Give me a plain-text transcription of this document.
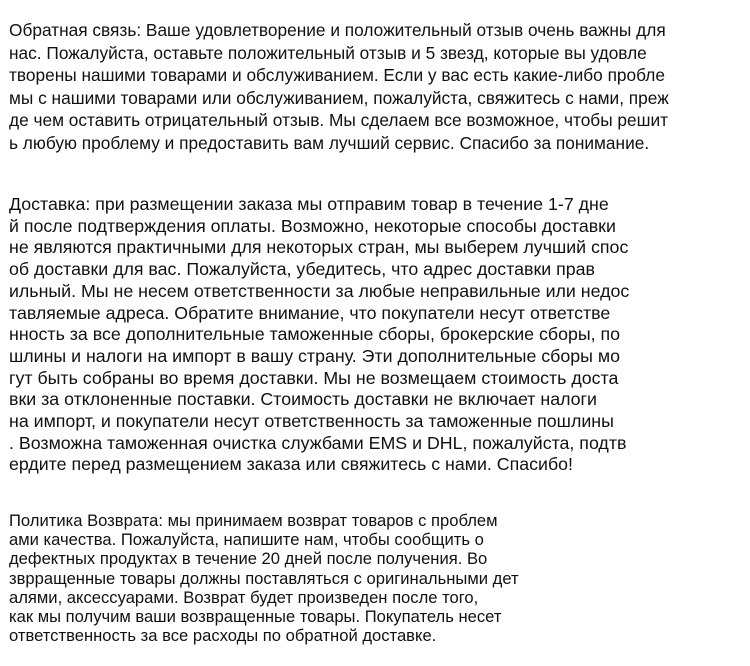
Обратная связь: Ваше удовлетворение и положительный отзыв очень важны для
нас. Пожалуйста, оставьте положительный отзыв и 5 звезд, которые вы удовле
творены нашими товарами и обслуживанием. Если у вас есть какие-либо пробле
мы с нашими товарами или обслуживанием, пожалуйста, свяжитесь с нами, преж
де чем оставить отрицательный отзыв. Мы сделаем все возможное, чтобы решит
ь любую проблему и предоставить вам лучший сервис. Спасибо за понимание.
Доставка: при размещении заказа мы отправим товар в течение 1-7 дне
й после подтверждения оплаты. Возможно, некоторые способы доставки
не являются практичными для некоторых стран, мы выберем лучший спос
об доставки для вас. Пожалуйста, убедитесь, что адрес доставки прав
ильный. Мы не несем ответственности за любые неправильные или недос
тавляемые адреса. Обратите внимание, что покупатели несут ответстве
нность за все дополнительные таможенные сборы, брокерские сборы, по
шлины и налоги на импорт в вашу страну. Эти дополнительные сборы мо
гут быть собраны во время доставки. Мы не возмещаем стоимость доста
вки за отклоненные поставки. Стоимость доставки не включает налоги
на импорт, и покупатели несут ответственность за таможенные пошлины
. Возможна таможенная очистка службами EMS и DHL, пожалуйста, подтв
ердите перед размещением заказа или свяжитесь с нами. Спасибо!
Политика Возврата: мы принимаем возврат товаров с проблем
ами качества. Пожалуйста, напишите нам, чтобы сообщить о
дефектных продуктах в течение 20 дней после получения. Во
зврращенные товары должны поставляться с оригинальными дет
алями, аксессуарами. Возврат будет произведен после того,
как мы получим ваши возвращенные товары. Покупатель несет
ответственность за все расходы по обратной доставке.
